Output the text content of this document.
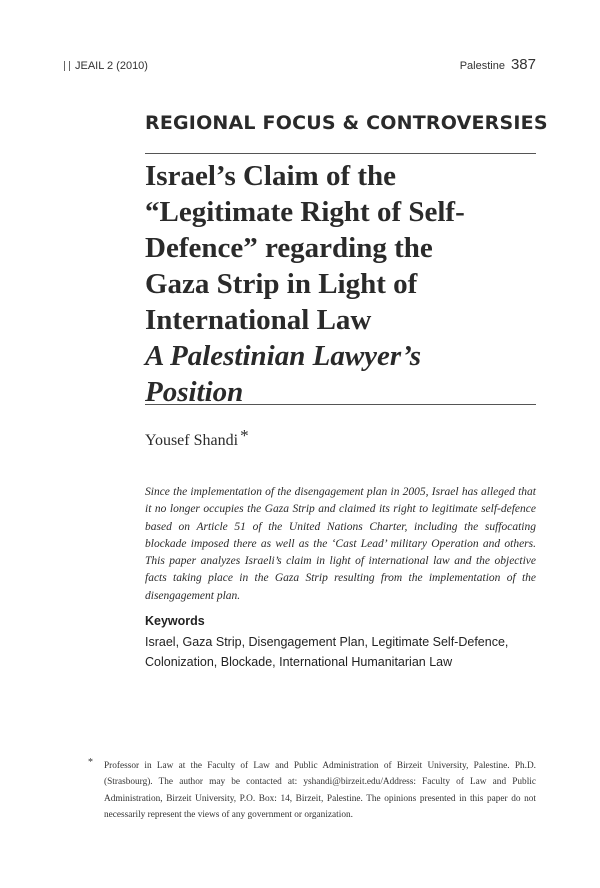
JEAIL 2 (2010)	Palestine 387
REGIONAL FOCUS & CONTROVERSIES
Israel’s Claim of the
“Legitimate Right of Self-
Defence” regarding the
Gaza Strip in Light of
International Law
A Palestinian Lawyer’s
Position
Yousef Shandi *

Since the implementation of the disengagement plan in 2005, Israel has alleged that it no longer occupies the Gaza Strip and claimed its right to legitimate self-defence based on Article 51 of the United Nations Charter, including the suffocating blockade imposed there as well as the ‘Cast Lead’ military Operation and others. This paper analyzes Israeli’s claim in light of international law and the objective facts taking place in the Gaza Strip resulting from the implementation of the disengagement plan.

Keywords

Israel, Gaza Strip, Disengagement Plan, Legitimate Self-Defence, Colonization, Blockade, International Humanitarian Law

* Professor in Law at the Faculty of Law and Public Administration of Birzeit University, Palestine. Ph.D. (Strasbourg). The author may be contacted at: yshandi@birzeit.edu/Address: Faculty of Law and Public Administration, Birzeit University, P.O. Box: 14, Birzeit, Palestine. The opinions presented in this paper do not necessarily represent the views of any government or organization.
